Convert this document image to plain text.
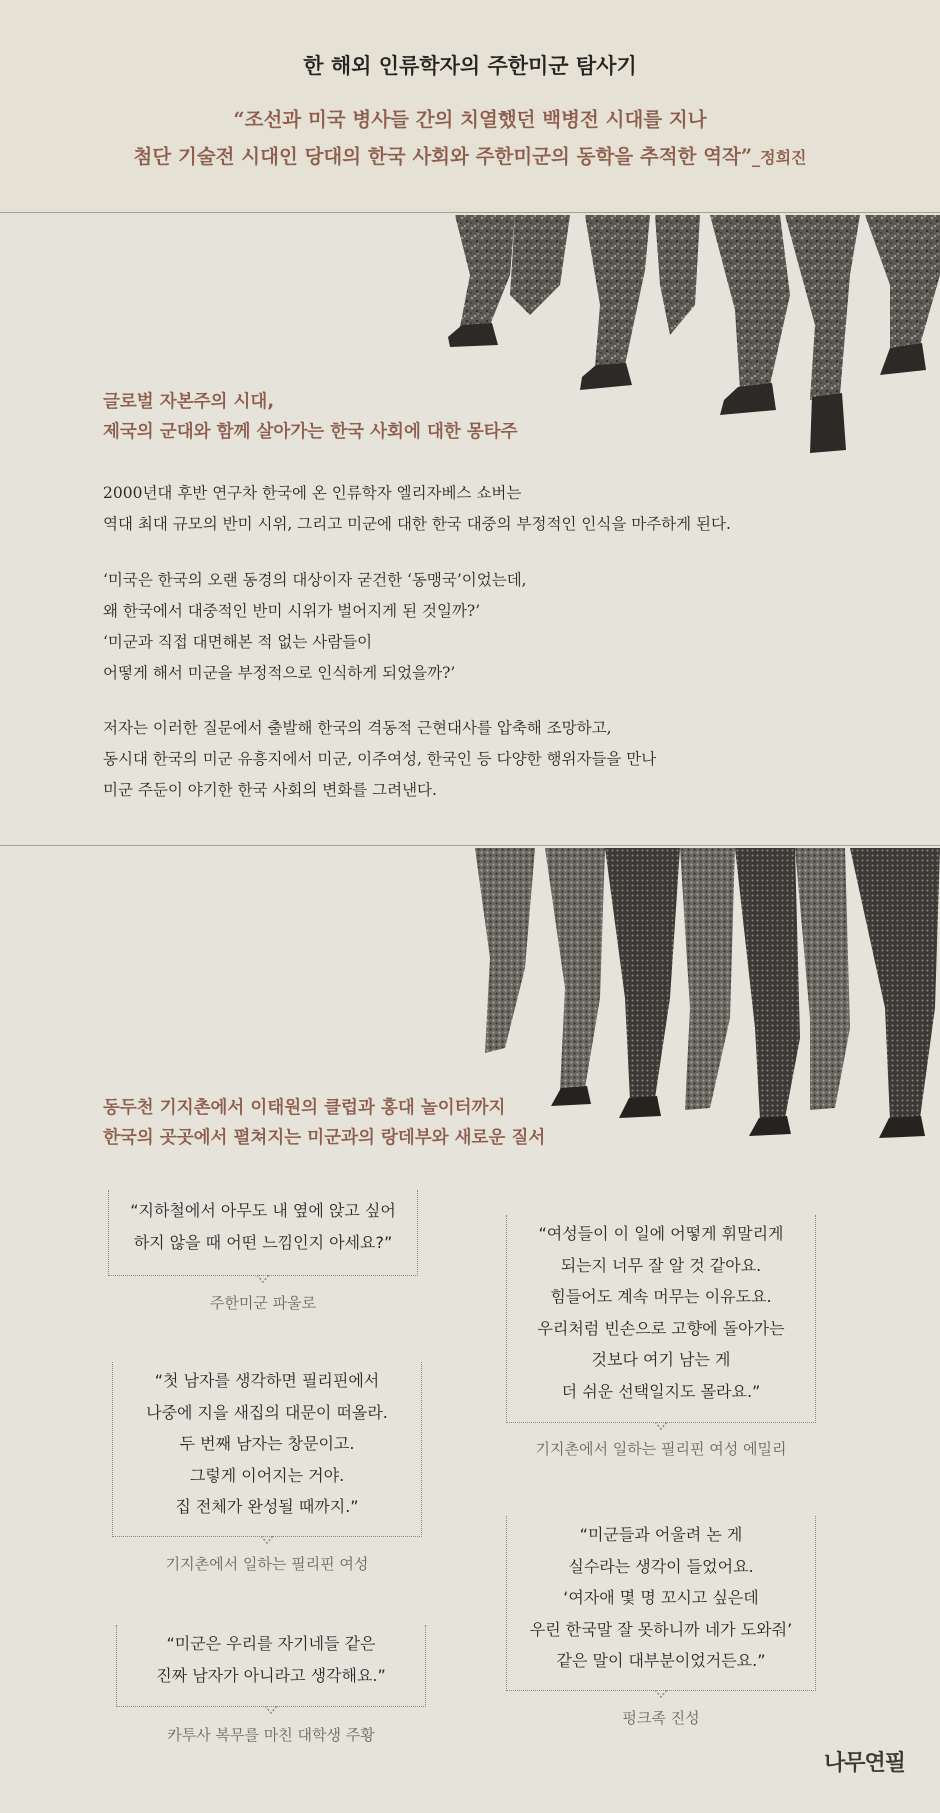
한 해외 인류학자의 주한미군 탐사기
“조선과 미국 병사들 간의 치열했던 백병전 시대를 지나
첨단 기술전 시대인 당대의 한국 사회와 주한미군의 동학을 추적한 역작”_정희진
글로벌 자본주의 시대,
제국의 군대와 함께 살아가는 한국 사회에 대한 몽타주
2000년대 후반 연구차 한국에 온 인류학자 엘리자베스 쇼버는
역대 최대 규모의 반미 시위, 그리고 미군에 대한 한국 대중의 부정적인 인식을 마주하게 된다.
‘미국은 한국의 오랜 동경의 대상이자 굳건한 ‘동맹국’이었는데,
왜 한국에서 대중적인 반미 시위가 벌어지게 된 것일까?’
‘미군과 직접 대면해본 적 없는 사람들이
어떻게 해서 미군을 부정적으로 인식하게 되었을까?’
저자는 이러한 질문에서 출발해 한국의 격동적 근현대사를 압축해 조망하고,
동시대 한국의 미군 유흥지에서 미군, 이주여성, 한국인 등 다양한 행위자들을 만나
미군 주둔이 야기한 한국 사회의 변화를 그려낸다.
동두천 기지촌에서 이태원의 클럽과 홍대 놀이터까지
한국의 곳곳에서 펼쳐지는 미군과의 랑데부와 새로운 질서
“지하철에서 아무도 내 옆에 앉고 싶어
하지 않을 때 어떤 느낌인지 아세요?”
주한미군 파울로
“여성들이 이 일에 어떻게 휘말리게
되는지 너무 잘 알 것 같아요.
힘들어도 계속 머무는 이유도요.
우리처럼 빈손으로 고향에 돌아가는
것보다 여기 남는 게
더 쉬운 선택일지도 몰라요.”
기지촌에서 일하는 필리핀 여성 에밀리
“첫 남자를 생각하면 필리핀에서
나중에 지을 새집의 대문이 떠올라.
두 번째 남자는 창문이고.
그렇게 이어지는 거야.
집 전체가 완성될 때까지.”
기지촌에서 일하는 필리핀 여성
“미군들과 어울려 논 게
실수라는 생각이 들었어요.
‘여자애 몇 명 꼬시고 싶은데
우린 한국말 잘 못하니까 네가 도와줘’
같은 말이 대부분이었거든요.”
펑크족 진성
“미군은 우리를 자기네들 같은
진짜 남자가 아니라고 생각해요.”
카투사 복무를 마친 대학생 주황
나무연필
